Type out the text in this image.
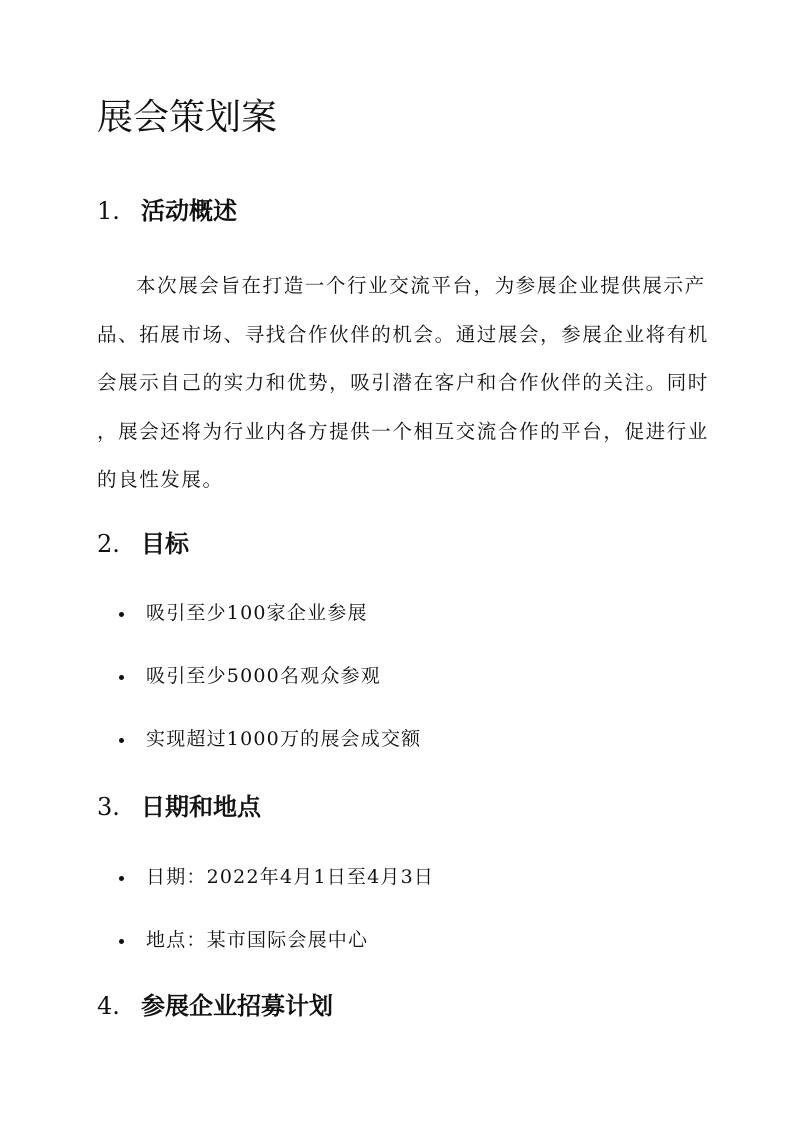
展会策划案
1. 活动概述

本次展会旨在打造一个行业交流平台，为参展企业提供展示产
品、拓展市场、寻找合作伙伴的机会。通过展会，参展企业将有机
会展示自己的实力和优势，吸引潜在客户和合作伙伴的关注。同时
，展会还将为行业内各方提供一个相互交流合作的平台，促进行业
的良性发展。

2. 目标
吸引至少100家企业参展
吸引至少5000名观众参观
实现超过1000万的展会成交额
3. 日期和地点
日期：2022年4月1日至4月3日
地点：某市国际会展中心
4. 参展企业招募计划
